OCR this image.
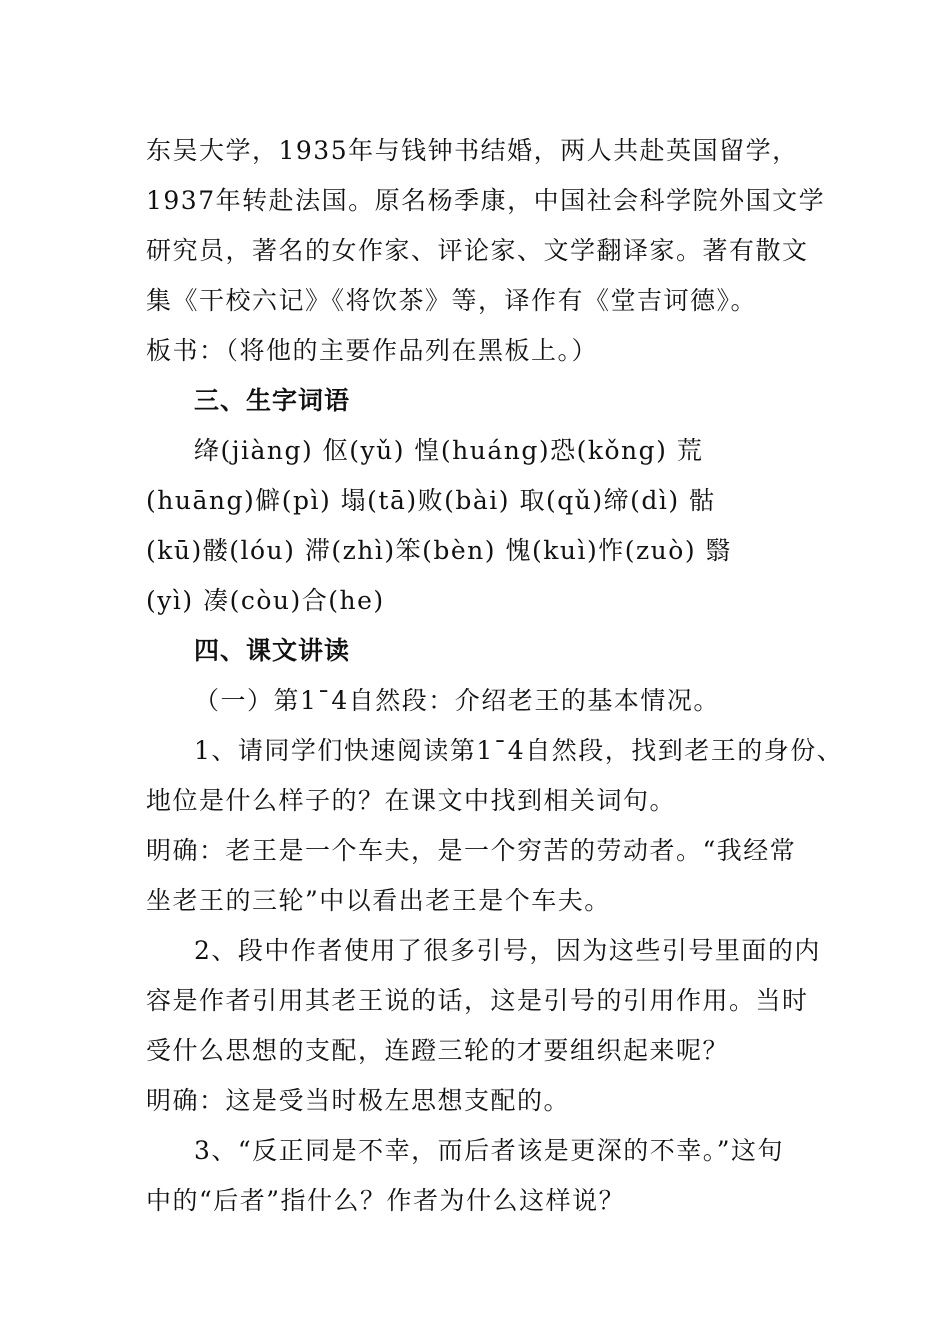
东吴大学，1935年与钱钟书结婚，两人共赴英国留学，
1937年转赴法国。原名杨季康，中国社会科学院外国文学
研究员，著名的女作家、评论家、文学翻译家。著有散文
集《干校六记》《将饮茶》等，译作有《堂吉诃德》。
板书：（将他的主要作品列在黑板上。）
三、生字词语
绛(jiàng) 伛(yǔ) 惶(huáng)恐(kǒng) 荒
(huāng)僻(pì) 塌(tā)败(bài) 取(qǔ)缔(dì) 骷
(kū)髅(lóu) 滞(zhì)笨(bèn) 愧(kuì)怍(zuò) 翳
(yì) 凑(còu)合(he)
四、课文讲读
（一）第1¯4自然段：介绍老王的基本情况。
1、请同学们快速阅读第1¯4自然段，找到老王的身份、
地位是什么样子的？在课文中找到相关词句。
明确：老王是一个车夫，是一个穷苦的劳动者。“我经常
坐老王的三轮”中以看出老王是个车夫。
2、段中作者使用了很多引号，因为这些引号里面的内
容是作者引用其老王说的话，这是引号的引用作用。当时
受什么思想的支配，连蹬三轮的才要组织起来呢？
明确：这是受当时极左思想支配的。
3、“反正同是不幸，而后者该是更深的不幸。”这句
中的“后者”指什么？作者为什么这样说？
